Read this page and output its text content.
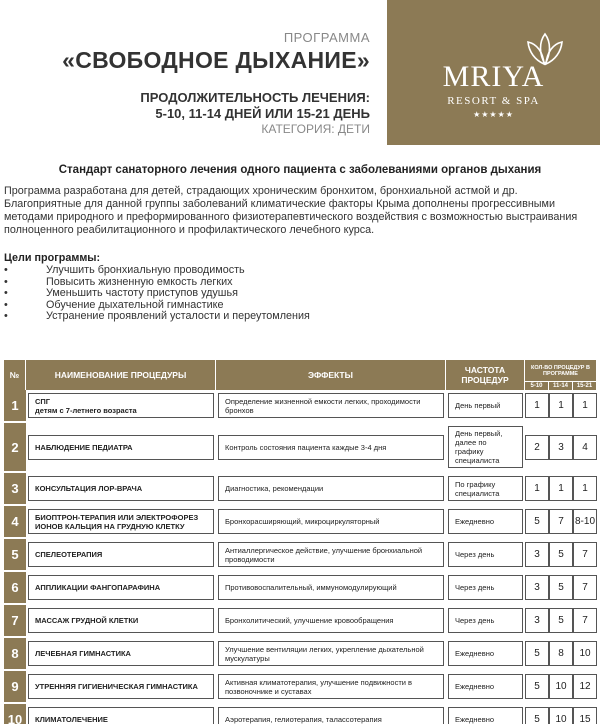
ПРОГРАММА
«СВОБОДНОЕ ДЫХАНИЕ»
ПРОДОЛЖИТЕЛЬНОСТЬ ЛЕЧЕНИЯ:
5-10, 11-14 ДНЕЙ ИЛИ 15-21 ДЕНЬ
КАТЕГОРИЯ: ДЕТИ
MRIYA
RESORT & SPA
★★★★★
Стандарт санаторного лечения одного пациента с заболеваниями органов дыхания
Программа разработана для детей, страдающих хроническим бронхитом, бронхиальной астмой и др. Благоприятные для данной группы заболеваний климатические факторы Крыма дополнены прогрессивными методами природного и преформированного физиотерапевтического воздействия с возможностью выстраивания полноценного реабилитационного и профилактического лечебного курса.
Цели программы:
• Улучшить бронхиальную проводимость
• Повысить жизненную емкость легких
• Уменьшить частоту приступов удушья
• Обучение дыхательной гимнастике
• Устранение проявлений усталости и переутомления
№	НАИМЕНОВАНИЕ ПРОЦЕДУРЫ	ЭФФЕКТЫ	ЧАСТОТА ПРОЦЕДУР	КОЛ-ВО ПРОЦЕДУР В ПРОГРАММЕ		
				5-10	11-14	15-21
1	СПГ
детям с 7-летнего возраста	Определение жизненной емкости легких, проходимости бронхов	День первый	1	1	1

2	НАБЛЮДЕНИЕ ПЕДИАТРА	Контроль состояния пациента каждые 3-4 дня	День первый, далее по графику специалиста	2	3	4

3	КОНСУЛЬТАЦИЯ ЛОР-ВРАЧА	Диагностика, рекомендации	По графику специалиста	1	1	1

4	БИОПТРОН-ТЕРАПИЯ ИЛИ ЭЛЕКТРОФОРЕЗ ИОНОВ КАЛЬЦИЯ НА ГРУДНУЮ КЛЕТКУ	Бронхорасширяющий, микроциркуляторный	Ежедневно	5	7	8-10

5	СПЕЛЕОТЕРАПИЯ	Антиаллергическое действие, улучшение бронхиальной проводимости	Через день	3	5	7

6	АППЛИКАЦИИ ФАНГОПАРАФИНА	Противовоспалительный, иммуномодулирующий	Через день	3	5	7

7	МАССАЖ ГРУДНОЙ КЛЕТКИ	Бронхолитический, улучшение кровообращения	Через день	3	5	7

8	ЛЕЧЕБНАЯ ГИМНАСТИКА	Улучшение вентиляции легких, укрепление дыхательной мускулатуры	Ежедневно	5	8	10

9	УТРЕННЯЯ ГИГИЕНИЧЕСКАЯ ГИМНАСТИКА	Активная климатотерапия, улучшение подвижности в позвоночнике и суставах	Ежедневно	5	10	12

10	КЛИМАТОЛЕЧЕНИЕ	Аэротерапия, гелиотерапия, талассотерапия	Ежедневно	5	10	15
